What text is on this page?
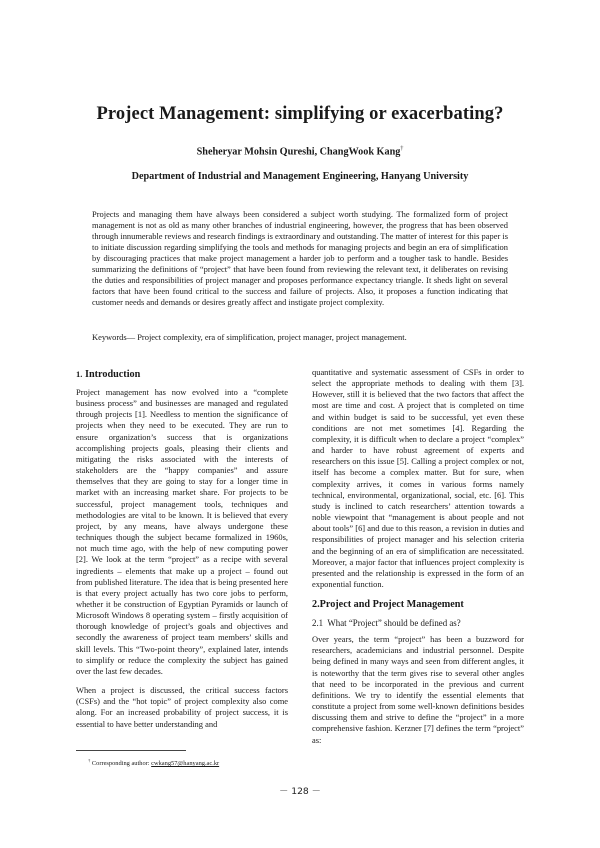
Project Management: simplifying or exacerbating?
Sheheryar Mohsin Qureshi, ChangWook Kang†
Department of Industrial and Management Engineering, Hanyang University

Projects and managing them have always been considered a subject worth studying. The formalized form of project management is not as old as many other branches of industrial engineering, however, the progress that has been observed through innumerable reviews and research findings is extraordinary and outstanding. The matter of interest for this paper is to initiate discussion regarding simplifying the tools and methods for managing projects and begin an era of simplification by discouraging practices that make project management a harder job to perform and a tougher task to handle. Besides summarizing the definitions of “project” that have been found from reviewing the relevant text, it deliberates on revising the duties and responsibilities of project manager and proposes performance expectancy triangle. It sheds light on several factors that have been found critical to the success and failure of projects. Also, it proposes a function indicating that customer needs and demands or desires greatly affect and instigate project complexity.

Keywords— Project complexity, era of simplification, project manager, project management.

1. Introduction

Project management has now evolved into a “complete business process” and businesses are managed and regulated through projects [1]. Needless to mention the significance of projects when they need to be executed. They are run to ensure organization’s success that is organizations accomplishing projects goals, pleasing their clients and mitigating the risks associated with the interests of stakeholders are the “happy companies” and assure themselves that they are going to stay for a longer time in market with an increasing market share. For projects to be successful, project management tools, techniques and methodologies are vital to be known. It is believed that every project, by any means, have always undergone these techniques though the subject became formalized in 1960s, not much time ago, with the help of new computing power [2]. We look at the term “project” as a recipe with several ingredients – elements that make up a project – found out from published literature. The idea that is being presented here is that every project actually has two core jobs to perform, whether it be construction of Egyptian Pyramids or launch of Microsoft Windows 8 operating system – firstly acquisition of thorough knowledge of project’s goals and objectives and secondly the awareness of project team members’ skills and skill levels. This “Two-point theory”, explained later, intends to simplify or reduce the complexity the subject has gained over the last few decades.

When a project is discussed, the critical success factors (CSFs) and the “hot topic” of project complexity also come along. For an increased probability of project success, it is essential to have better understanding and

quantitative and systematic assessment of CSFs in order to select the appropriate methods to dealing with them [3]. However, still it is believed that the two factors that affect the most are time and cost. A project that is completed on time and within budget is said to be successful, yet even these conditions are not met sometimes [4]. Regarding the complexity, it is difficult when to declare a project “complex” and harder to have robust agreement of experts and researchers on this issue [5]. Calling a project complex or not, itself has become a complex matter. But for sure, when complexity arrives, it comes in various forms namely technical, environmental, organizational, social, etc. [6]. This study is inclined to catch researchers’ attention towards a noble viewpoint that “management is about people and not about tools” [6] and due to this reason, a revision in duties and responsibilities of project manager and his selection criteria and the beginning of an era of simplification are necessitated. Moreover, a major factor that influences project complexity is presented and the relationship is expressed in the form of an exponential function.

2.Project and Project Management
2.1 What “Project” should be defined as?

Over years, the term “project” has been a buzzword for researchers, academicians and industrial personnel. Despite being defined in many ways and seen from different angles, it is noteworthy that the term gives rise to several other angles that need to be incorporated in the previous and current definitions. We try to identify the essential elements that constitute a project from some well-known definitions besides discussing them and strive to define the “project” in a more comprehensive fashion. Kerzner [7] defines the term “project” as:

† Corresponding author: cwkang57@hanyang.ac.kr
－ 128 －
